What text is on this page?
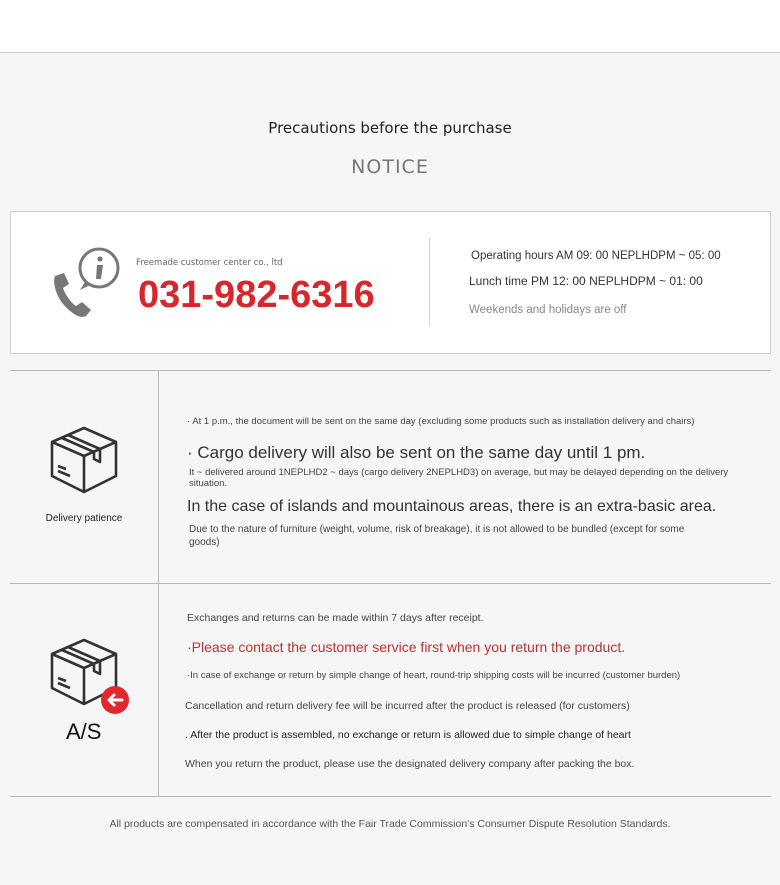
Precautions before the purchase
NOTICE
Freemade customer center co., ltd
031-982-6316
Operating hours AM 09: 00 NEPLHDPM ~ 05: 00
Lunch time PM 12: 00 NEPLHDPM ~ 01: 00
Weekends and holidays are off
Delivery patience
· At 1 p.m., the document will be sent on the same day (excluding some products such as installation delivery and chairs)
· Cargo delivery will also be sent on the same day until 1 pm.
It ~ delivered around 1NEPLHD2 ~ days (cargo delivery 2NEPLHD3) on average, but may be delayed depending on the delivery
situation.
In the case of islands and mountainous areas, there is an extra-basic area.
Due to the nature of furniture (weight, volume, risk of breakage), it is not allowed to be bundled (except for some
goods)
A/S
Exchanges and returns can be made within 7 days after receipt.
·Please contact the customer service first when you return the product.
·In case of exchange or return by simple change of heart, round-trip shipping costs will be incurred (customer burden)
Cancellation and return delivery fee will be incurred after the product is released (for customers)
. After the product is assembled, no exchange or return is allowed due to simple change of heart
When you return the product, please use the designated delivery company after packing the box.
All products are compensated in accordance with the Fair Trade Commission's Consumer Dispute Resolution Standards.
